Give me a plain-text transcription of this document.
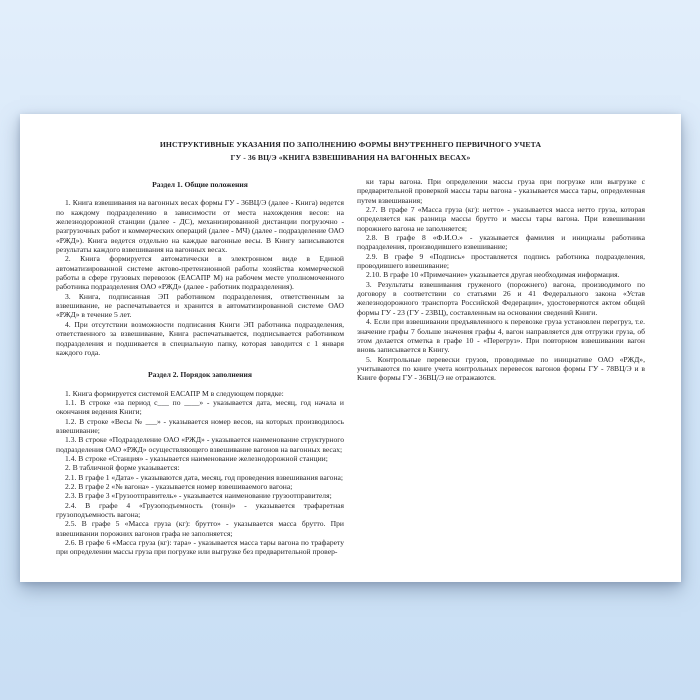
ИНСТРУКТИВНЫЕ УКАЗАНИЯ ПО ЗАПОЛНЕНИЮ ФОРМЫ ВНУТРЕННЕГО ПЕРВИЧНОГО УЧЕТА
ГУ - 36 ВЦ/Э «КНИГА ВЗВЕШИВАНИЯ НА ВАГОННЫХ ВЕСАХ»
Раздел 1. Общие положения

1. Книга взвешивания на вагонных весах формы ГУ - 36ВЦ/Э (далее - Книга) ведется по каждому подразделению в зависимости от места нахождения весов: на железнодорожной станции (далее - ДС), механизированной дистанции погрузочно - разгрузочных работ и коммерческих операций (далее - МЧ) (далее - подразделение ОАО «РЖД»). Книга ведется отдельно на каждые вагонные весы. В Книгу записываются результаты каждого взвешивания на вагонных весах.

2. Книга формируется автоматически в электронном виде в Единой автоматизированной системе актово-претензионной работы хозяйства коммерческой работы в сфере грузовых перевозок (ЕАСАПР М) на рабочем месте уполномоченного работника подразделения ОАО «РЖД» (далее - работник подразделения).

3. Книга, подписанная ЭП работником подразделения, ответственным за взвешивание, не распечатывается и хранится в автоматизированной системе ОАО «РЖД» в течение 5 лет.

4. При отсутствии возможности подписания Книги ЭП работника подразделения, ответственного за взвешивание, Книга распечатывается, подписывается работником подразделения и подшивается в специальную папку, которая заводится с 1 января каждого года.

Раздел 2. Порядок заполнения

1. Книга формируется системой ЕАСАПР М в следующем порядке:

1.1. В строке «за период с___ по ____» - указывается дата, месяц, год начала и окончания ведения Книги;

1.2. В строке «Весы № ___» - указывается номер весов, на которых производилось взвешивание;

1.3. В строке «Подразделение ОАО «РЖД» - указывается наименование структурного подразделения ОАО «РЖД» осуществляющего взвешивание вагонов на вагонных весах;

1.4. В строке «Станция» - указывается наименование железнодорожной станции;

2. В табличной форме указывается:

2.1. В графе 1 «Дата» - указываются дата, месяц, год проведения взвешивания вагона;

2.2. В графе 2 «№ вагона» - указывается номер взвешиваемого вагона;

2.3. В графе 3 «Грузоотправитель» - указывается наименование грузоотправителя;

2.4. В графе 4 «Грузоподъемность (тонн)» - указывается трафаретная грузоподъемность вагона;

2.5. В графе 5 «Масса груза (кг): брутто» - указывается масса брутто. При взвешивании порожних вагонов графа не заполняется;

2.6. В графе 6 «Масса груза (кг): тара» - указывается масса тары вагона по трафарету при определении массы груза при погрузке или выгрузке без предварительной провер-

ки тары вагона. При определении массы груза при погрузке или выгрузке с предварительной проверкой массы тары вагона - указывается масса тары, определенная путем взвешивания;

2.7. В графе 7 «Масса груза (кг): нетто» - указывается масса нетто груза, которая определяется как разница массы брутто и массы тары вагона. При взвешивании порожнего вагона не заполняется;

2.8. В графе 8 «Ф.И.О.» - указывается фамилия и инициалы работника подразделения, производившего взвешивание;

2.9. В графе 9 «Подпись» проставляется подпись работника подразделения, проводившего взвешивание;

2.10. В графе 10 «Примечание» указывается другая необходимая информация.

3. Результаты взвешивания груженого (порожнего) вагона, производимого по договору в соответствии со статьями 26 и 41 Федерального закона «Устав железнодорожного транспорта Российской Федерации», удостоверяются актом общей формы ГУ - 23 (ГУ - 23ВЦ), составленным на основании сведений Книги.

4. Если при взвешивании предъявленного к перевозке груза установлен перегруз, т.е. значение графы 7 больше значения графы 4, вагон направляется для отгрузки груза, об этом делается отметка в графе 10 - «Перегруз». При повторном взвешивании вагон вновь записывается в Книгу.

5. Контрольные перевески грузов, проводимые по инициативе ОАО «РЖД», учитываются по книге учета контрольных перевесок вагонов формы ГУ - 78ВЦ/Э и в Книге формы ГУ - 36ВЦ/Э не отражаются.
